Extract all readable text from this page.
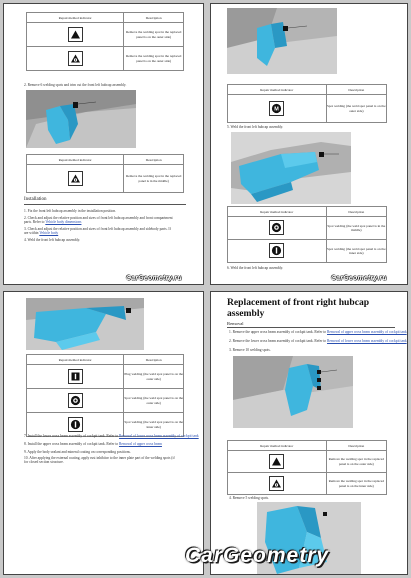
Repair method indicator	Description

	Remove the welding spot in the replaced panel is on the outer side)

	Remove the welding spot in the replaced panel is on the outer side)
2. Remove 6 welding spots and trim cut the front left hubcap assembly.
Repair method indicator	Description

	Remove the welding spot in the replaced panel is in the middle)
Installation
1. Fix the front left hubcap assembly in the installation position.
2. Check and adjust the relative position and sizes of front left hubcap assembly and front compartment
parts. Refer to Vehicle body dimensions
3. Check and adjust the relative position and sizes of front left hubcap assembly and sidebody parts. If
are within Vehicle body
4. Weld the front left hubcap assembly.
CarGeometry.ru
Repair method indicator	Description

	Spot welding (the weld spot panel is on the outer side)
5. Weld the front left hubcap assembly.
Repair method indicator	Description

	Spot welding (the weld spot panel is in the middle)

	Spot welding (the weld spot panel is on the inner side)
6. Weld the front left hubcap assembly.
CarGeometry.ru
Repair method indicator	Description

	Plug welding (the weld spot panel is on the outer side)

	Spot welding (the weld spot panel is on the outer side)

	Spot welding (the weld spot panel is on the inner side)
7. Install the lower cross beam assembly of cockpit tank. Refer to Removal of lower cross beam assembly of cockpit tank
8. Install the upper cross beam assembly of cockpit tank. Refer to Removal of upper cross beam
9. Apply the body sealant and mineral coating on corresponding positions.
10. After applying the external coating, apply rust inhibitor to the inner plate part of the welding spots (if
for closed section structure.
Replacement of front right hubcap
assembly
Removal
1. Remove the upper cross beam assembly of cockpit tank. Refer to Removal of upper cross beam assembly of cockpit tank
2. Remove the lower cross beam assembly of cockpit tank. Refer to Removal of lower cross beam assembly of cockpit tank
3. Remove 10 welding spots.
Repair method indicator	Description

	Remove the welding spot in the replaced panel is on the outer side)

	Remove the welding spot in the replaced panel is on the inner side)
4. Remove 5 welding spots.
CarGeometry
